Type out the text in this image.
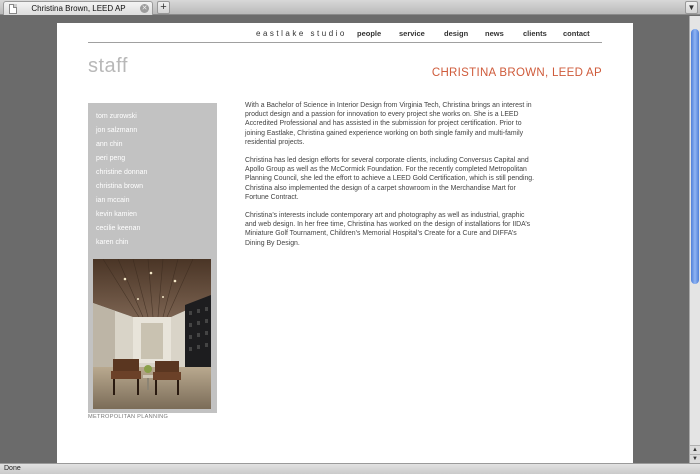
Christina Brown, LEED AP	✕ +	▼
eastlake studio people service	design news	clients contact
staff	CHRISTINA BROWN, LEED AP
tom zurowski
jon salzmann
ann chin
peri peng
christine donnan
christina brown
ian mccain
kevin kamien
cecilie keenan
karen chin
METROPOLITAN PLANNING

With a Bachelor of Science in Interior Design from Virginia Tech, Christina brings an interest in product design and a passion for innovation to every project she works on. She is a LEED Accredited Professional and has assisted in the submission for project certification. Prior to joining Eastlake, Christina gained experience working on both single family and multi-family residential projects.

Christina has led design efforts for several corporate clients, including Conversus Capital and Apollo Group as well as the McCormick Foundation. For the recently completed Metropolitan Planning Council, she led the effort to achieve a LEED Gold Certification, which is still pending. Christina also implemented the design of a carpet showroom in the Merchandise Mart for Fortune Contract.

Christina’s interests include contemporary art and photography as well as industrial, graphic and web design. In her free time, Christina has worked on the design of installations for IIDA’s Miniature Golf Tournament, Children’s Memorial Hospital’s Create for a Cure and DIFFA’s Dining By Design.

▲
▼
Done
